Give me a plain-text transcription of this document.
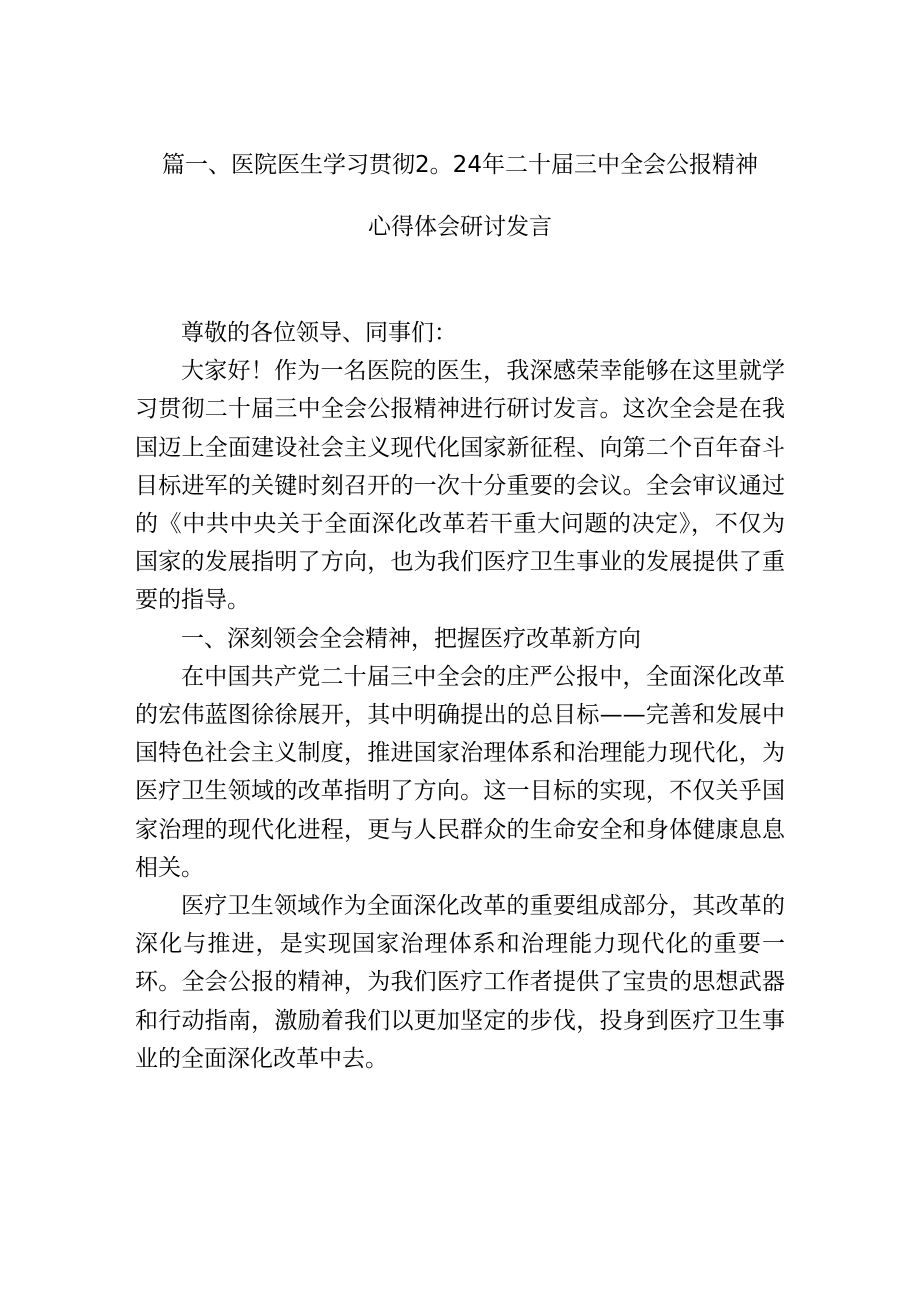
篇一、医院医生学习贯彻2。24年二十届三中全会公报精神
心得体会研讨发言

尊敬的各位领导、同事们：

大家好！作为一名医院的医生，我深感荣幸能够在这里就学习贯彻二十届三中全会公报精神进行研讨发言。这次全会是在我国迈上全面建设社会主义现代化国家新征程、向第二个百年奋斗目标进军的关键时刻召开的一次十分重要的会议。全会审议通过的《中共中央关于全面深化改革若干重大问题的决定》，不仅为国家的发展指明了方向，也为我们医疗卫生事业的发展提供了重要的指导。

一、深刻领会全会精神，把握医疗改革新方向

在中国共产党二十届三中全会的庄严公报中，全面深化改革的宏伟蓝图徐徐展开，其中明确提出的总目标——完善和发展中国特色社会主义制度，推进国家治理体系和治理能力现代化，为医疗卫生领域的改革指明了方向。这一目标的实现，不仅关乎国家治理的现代化进程，更与人民群众的生命安全和身体健康息息相关。

医疗卫生领域作为全面深化改革的重要组成部分，其改革的深化与推进，是实现国家治理体系和治理能力现代化的重要一环。全会公报的精神，为我们医疗工作者提供了宝贵的思想武器和行动指南，激励着我们以更加坚定的步伐，投身到医疗卫生事业的全面深化改革中去。
